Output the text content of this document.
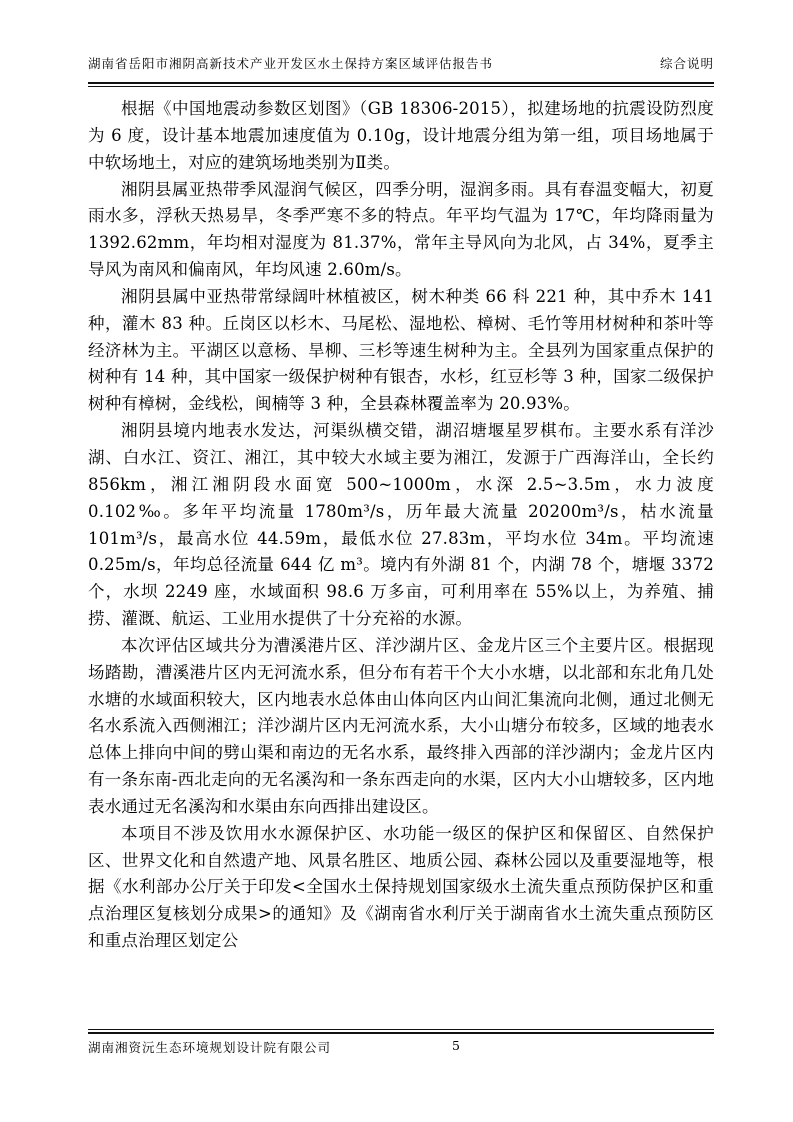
湖南省岳阳市湘阴高新技术产业开发区水土保持方案区域评估报告书	综合说明

根据《中国地震动参数区划图》（GB 18306-2015），拟建场地的抗震设防烈度为 6 度，设计基本地震加速度值为 0.10g，设计地震分组为第一组，项目场地属于中软场地土，对应的建筑场地类别为Ⅱ类。

湘阴县属亚热带季风湿润气候区，四季分明，湿润多雨。具有春温变幅大，初夏雨水多，浮秋天热易旱，冬季严寒不多的特点。年平均气温为 17℃，年均降雨量为 1392.62mm，年均相对湿度为 81.37%，常年主导风向为北风，占 34%，夏季主导风为南风和偏南风，年均风速 2.60m/s。

湘阴县属中亚热带常绿阔叶林植被区，树木种类 66 科 221 种，其中乔木 141 种，灌木 83 种。丘岗区以杉木、马尾松、湿地松、樟树、毛竹等用材树种和茶叶等经济林为主。平湖区以意杨、旱柳、三杉等速生树种为主。全县列为国家重点保护的树种有 14 种，其中国家一级保护树种有银杏，水杉，红豆杉等 3 种，国家二级保护树种有樟树，金线松，闽楠等 3 种，全县森林覆盖率为 20.93%。

湘阴县境内地表水发达，河渠纵横交错，湖沼塘堰星罗棋布。主要水系有洋沙湖、白水江、资江、湘江，其中较大水域主要为湘江，发源于广西海洋山，全长约 856km，湘江湘阴段水面宽 500~1000m，水深 2.5~3.5m，水力波度 0.102‰。多年平均流量 1780m³/s，历年最大流量 20200m³/s，枯水流量 101m³/s，最高水位 44.59m，最低水位 27.83m，平均水位 34m。平均流速 0.25m/s，年均总径流量 644 亿 m³。境内有外湖 81 个，内湖 78 个，塘堰 3372 个，水坝 2249 座，水域面积 98.6 万多亩，可利用率在 55%以上，为养殖、捕捞、灌溉、航运、工业用水提供了十分充裕的水源。

本次评估区域共分为漕溪港片区、洋沙湖片区、金龙片区三个主要片区。根据现场踏勘，漕溪港片区内无河流水系，但分布有若干个大小水塘，以北部和东北角几处水塘的水域面积较大，区内地表水总体由山体向区内山间汇集流向北侧，通过北侧无名水系流入西侧湘江；洋沙湖片区内无河流水系，大小山塘分布较多，区域的地表水总体上排向中间的劈山渠和南边的无名水系，最终排入西部的洋沙湖内；金龙片区内有一条东南-西北走向的无名溪沟和一条东西走向的水渠，区内大小山塘较多，区内地表水通过无名溪沟和水渠由东向西排出建设区。

本项目不涉及饮用水水源保护区、水功能一级区的保护区和保留区、自然保护区、世界文化和自然遗产地、风景名胜区、地质公园、森林公园以及重要湿地等，根据《水利部办公厅关于印发<全国水土保持规划国家级水土流失重点预防保护区和重点治理区复核划分成果>的通知》及《湖南省水利厅关于湖南省水土流失重点预防区和重点治理区划定公

湖南湘资沅生态环境规划设计院有限公司	5
